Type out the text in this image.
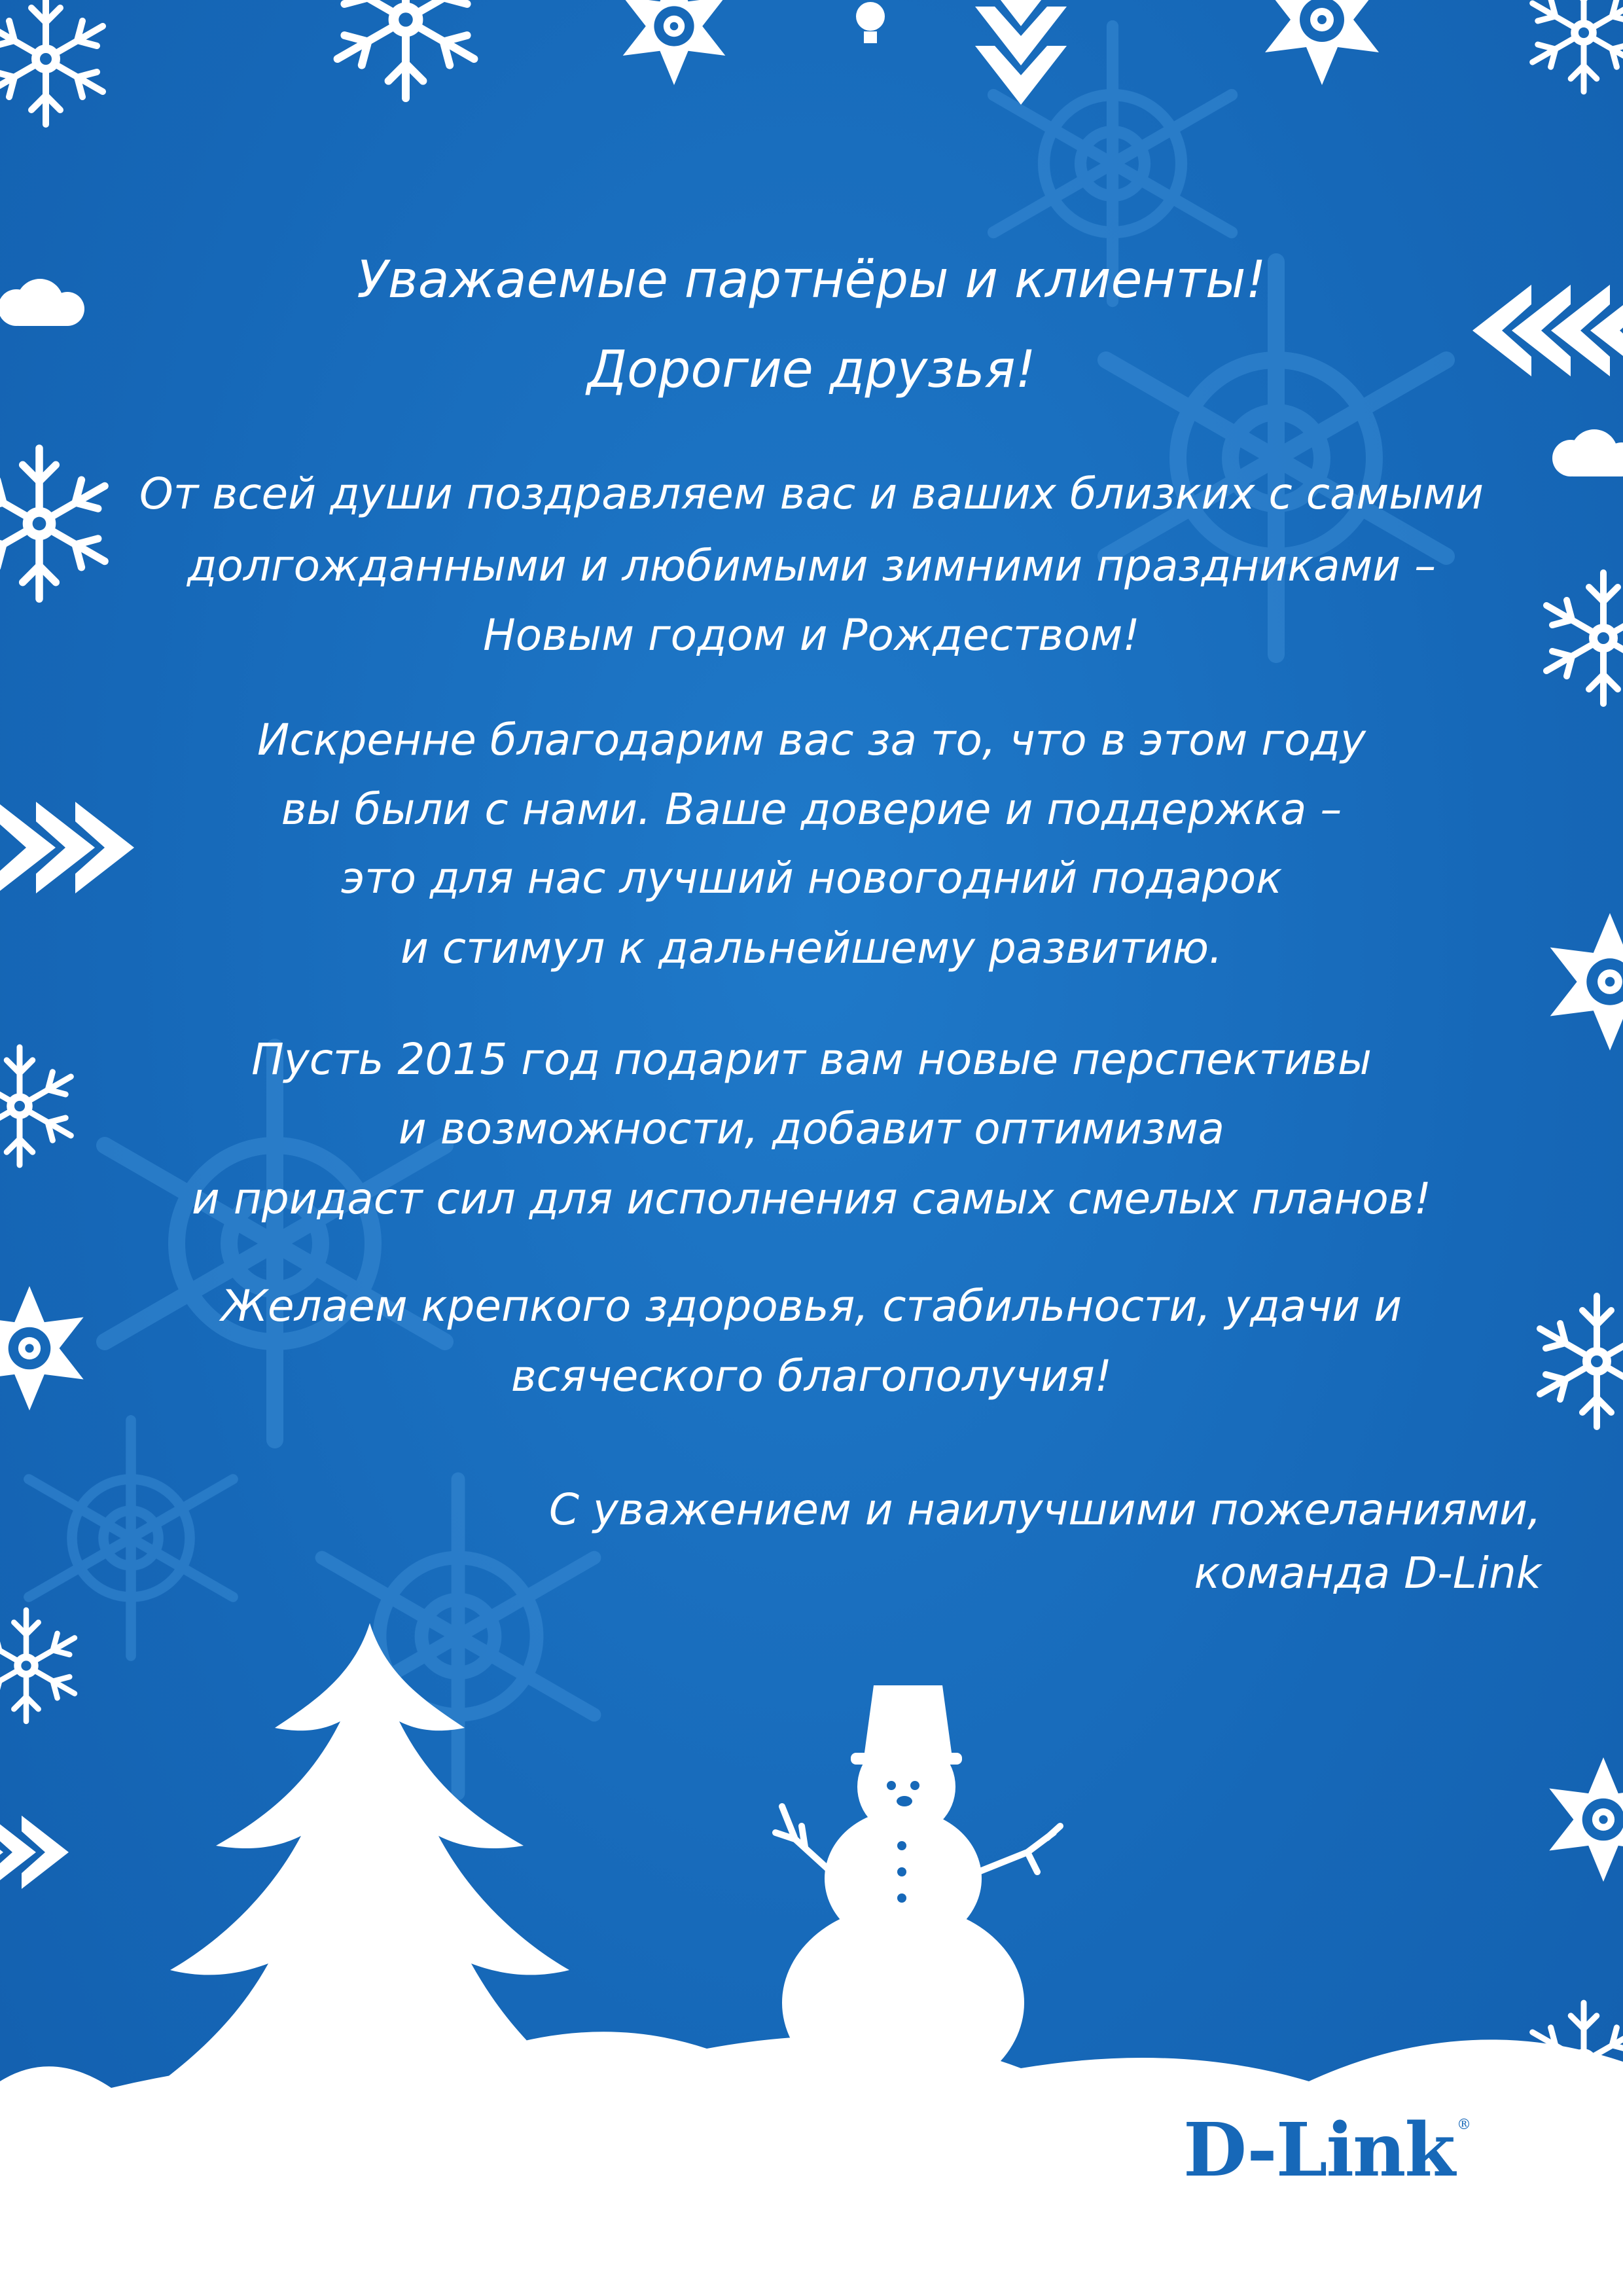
Уважаемые партнёры и клиенты!
Дорогие друзья!
От всей души поздравляем вас и ваших близких с самыми
долгожданными и любимыми зимними праздниками –
Новым годом и Рождеством!
Искренне благодарим вас за то, что в этом году
вы были с нами. Ваше доверие и поддержка –
это для нас лучший новогодний подарок
и стимул к дальнейшему развитию.
Пусть 2015 год подарит вам новые перспективы
и возможности, добавит оптимизма
и придаст сил для исполнения самых смелых планов!
Желаем крепкого здоровья, стабильности, удачи и
всяческого благополучия!
С уважением и наилучшими пожеланиями,
команда D-Link
D-Link ®
